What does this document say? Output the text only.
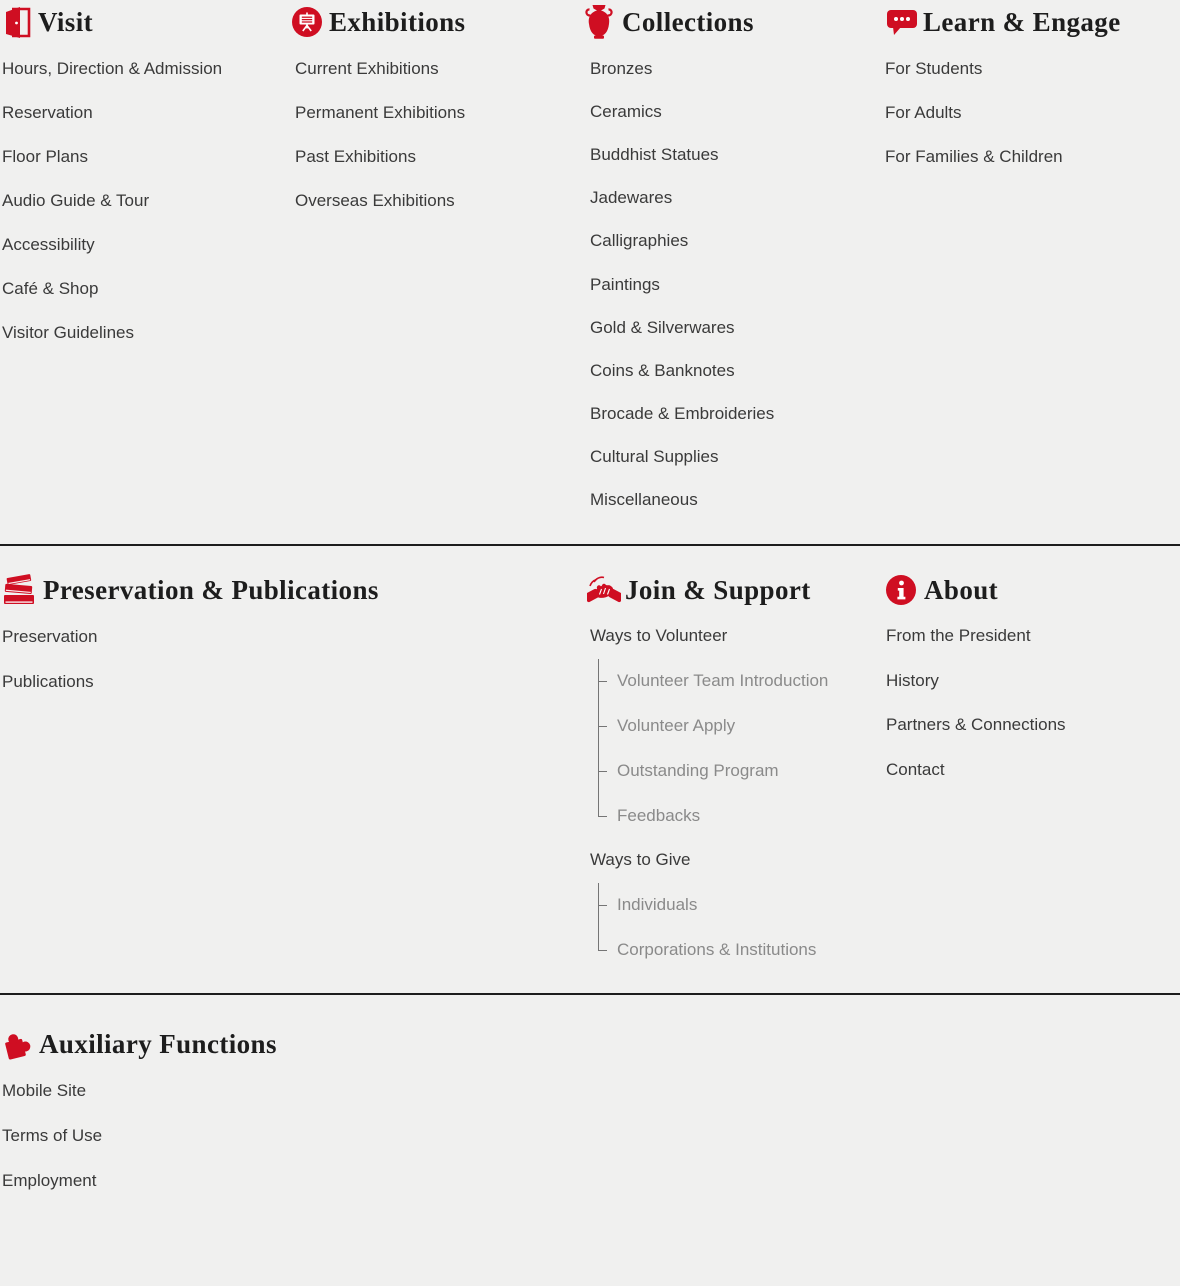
Visit
Hours, Direction & Admission
Reservation
Floor Plans
Audio Guide & Tour
Accessibility
Café & Shop
Visitor Guidelines
Exhibitions
Current Exhibitions
Permanent Exhibitions
Past Exhibitions
Overseas Exhibitions
Collections
Bronzes
Ceramics
Buddhist Statues
Jadewares
Calligraphies
Paintings
Gold & Silverwares
Coins & Banknotes
Brocade & Embroideries
Cultural Supplies
Miscellaneous
Learn & Engage
For Students
For Adults
For Families & Children
Preservation & Publications
Preservation
Publications
Join & Support
Ways to Volunteer
Volunteer Team Introduction
Volunteer Apply
Outstanding Program
Feedbacks
Ways to Give
Individuals
Corporations & Institutions
About
From the President
History
Partners & Connections
Contact
Auxiliary Functions
Mobile Site
Terms of Use
Employment
